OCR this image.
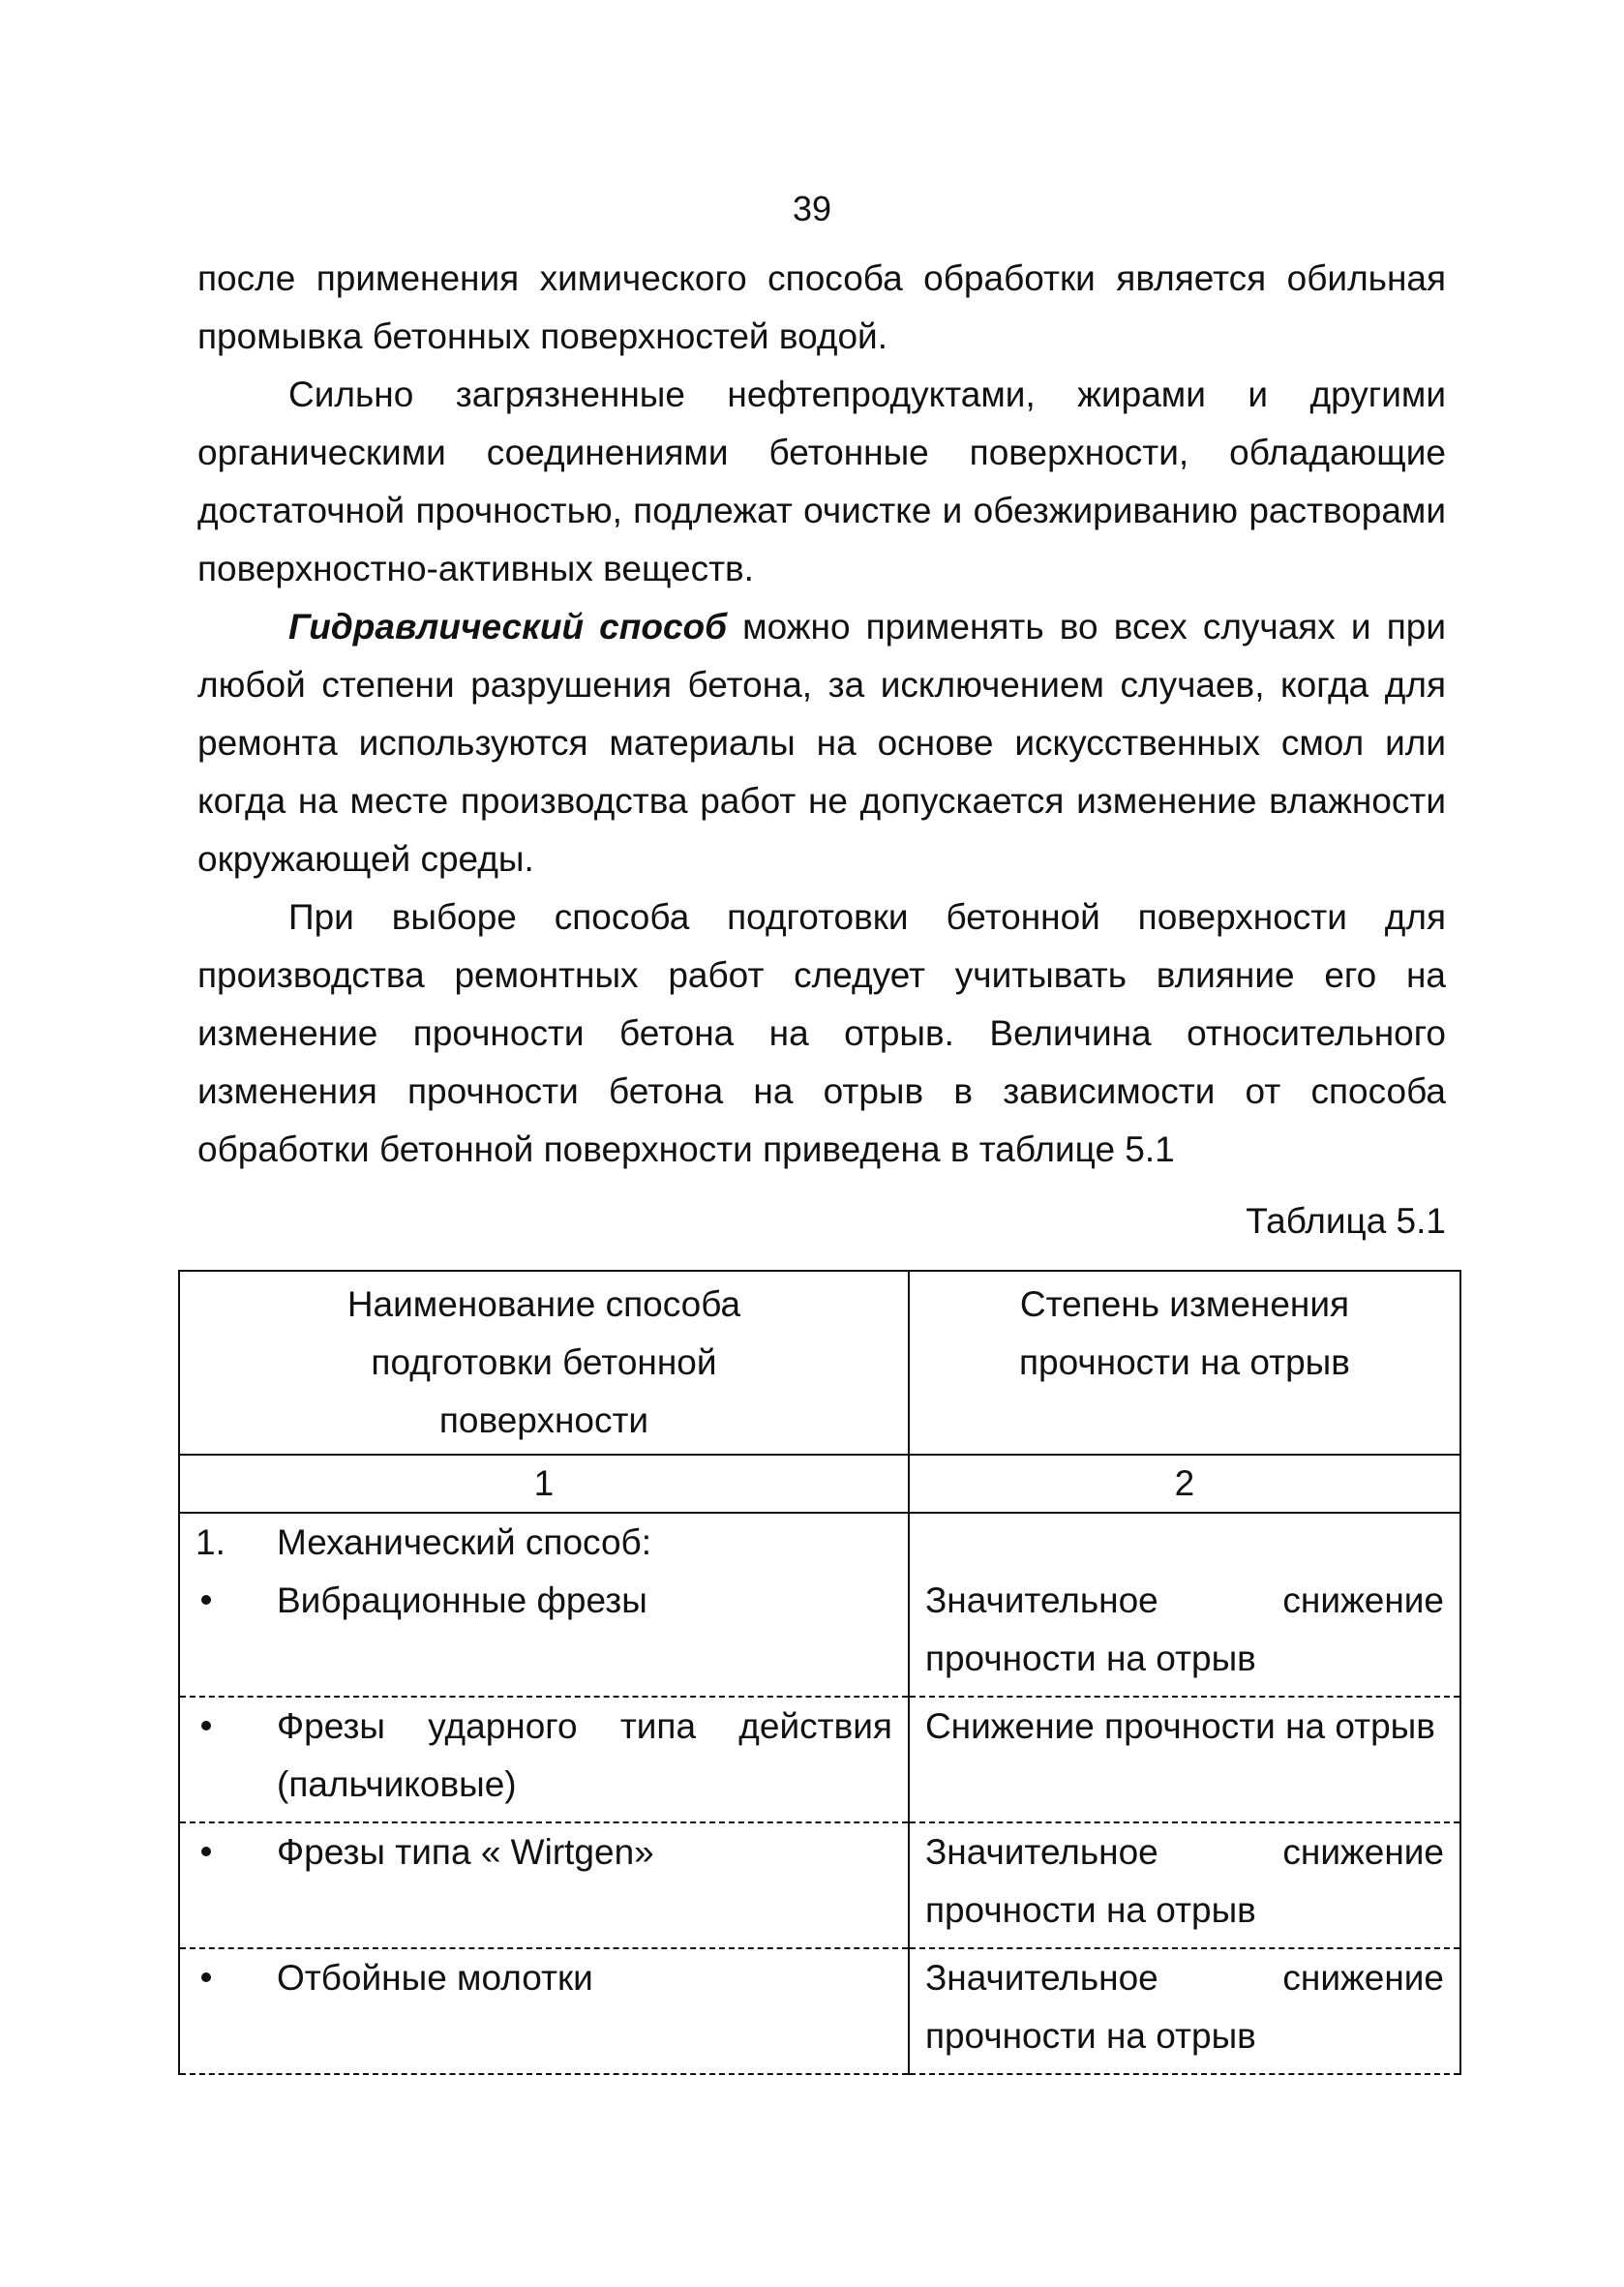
39

после применения химического способа обработки является обильная промывка бетонных поверхностей водой.

Сильно загрязненные нефтепродуктами, жирами и другими органическими соединениями бетонные поверхности, обладающие достаточной прочностью, подлежат очистке и обезжириванию растворами поверхностно-активных веществ.

Гидравлический способ можно применять во всех случаях и при любой степени разрушения бетона, за исключением случаев, когда для ремонта используются материалы на основе искусственных смол или когда на месте производства работ не допускается изменение влажности окружающей среды.

При выборе способа подготовки бетонной поверхности для производства ремонтных работ следует учитывать влияние его на изменение прочности бетона на отрыв. Величина относительного изменения прочности бетона на отрыв в зависимости от способа обработки бетонной поверхности приведена в таблице 5.1

Таблица 5.1
Наименование способа подготовки бетонной поверхности	Степень изменения прочности на отрыв
1	2

1. Механический способ:
Вибрационные фрезы	Значительное снижение прочности на отрыв

Фрезы ударного типа действия (пальчиковые)	Снижение прочности на отрыв

Фрезы типа « Wirtgen»	Значительное снижение прочности на отрыв

Отбойные молотки	Значительное снижение прочности на отрыв
